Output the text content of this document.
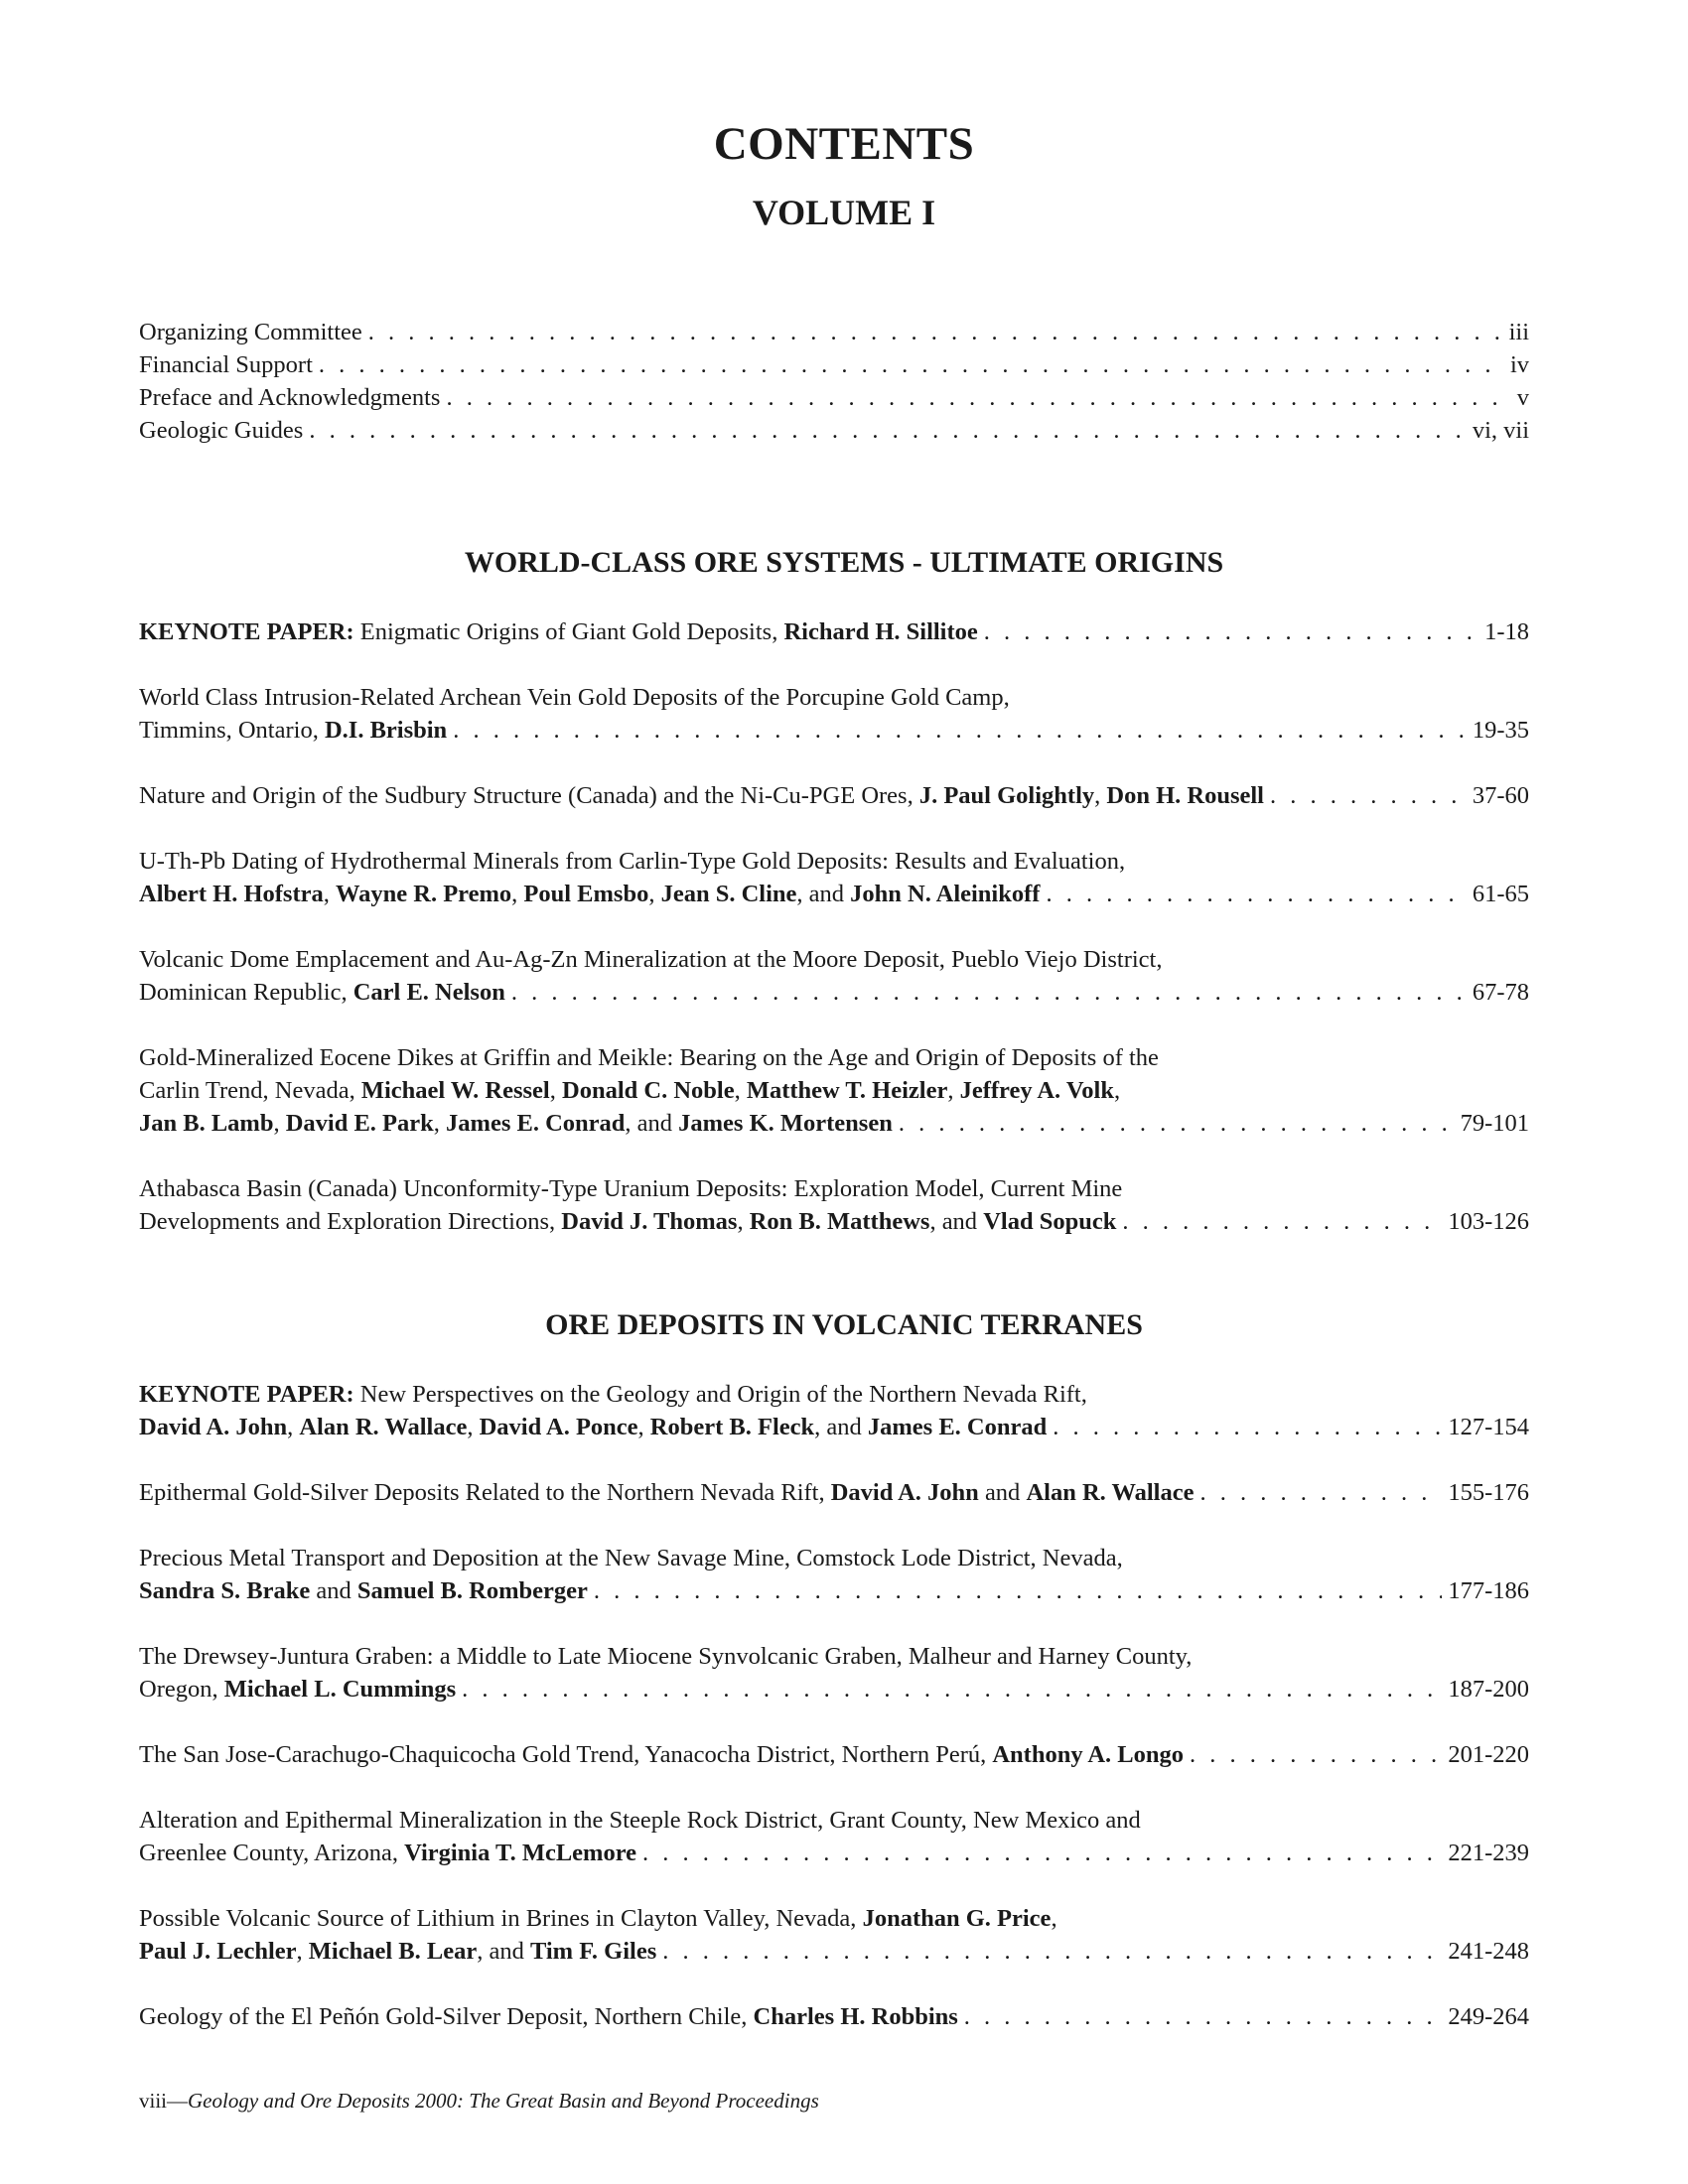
CONTENTS
VOLUME I
Organizing Committee . . .	iii
Financial Support . . .	iv
Preface and Acknowledgments . . .	v
Geologic Guides . . .	vi, vii
WORLD-CLASS ORE SYSTEMS - ULTIMATE ORIGINS
KEYNOTE PAPER: Enigmatic Origins of Giant Gold Deposits, Richard H. Sillitoe . . .	1-18
World Class Intrusion-Related Archean Vein Gold Deposits of the Porcupine Gold Camp,
Timmins, Ontario, D.I. Brisbin . . .	19-35
Nature and Origin of the Sudbury Structure (Canada) and the Ni-Cu-PGE Ores, J. Paul Golightly, Don H. Rousell . . .	37-60
U-Th-Pb Dating of Hydrothermal Minerals from Carlin-Type Gold Deposits: Results and Evaluation,
Albert H. Hofstra, Wayne R. Premo, Poul Emsbo, Jean S. Cline, and John N. Aleinikoff . . .	61-65
Volcanic Dome Emplacement and Au-Ag-Zn Mineralization at the Moore Deposit, Pueblo Viejo District,
Dominican Republic, Carl E. Nelson . . .	67-78
Gold-Mineralized Eocene Dikes at Griffin and Meikle: Bearing on the Age and Origin of Deposits of the
Carlin Trend, Nevada, Michael W. Ressel, Donald C. Noble, Matthew T. Heizler, Jeffrey A. Volk,
Jan B. Lamb, David E. Park, James E. Conrad, and James K. Mortensen . . .	79-101
Athabasca Basin (Canada) Unconformity-Type Uranium Deposits: Exploration Model, Current Mine
Developments and Exploration Directions, David J. Thomas, Ron B. Matthews, and Vlad Sopuck . . .	103-126
ORE DEPOSITS IN VOLCANIC TERRANES
KEYNOTE PAPER: New Perspectives on the Geology and Origin of the Northern Nevada Rift,
David A. John, Alan R. Wallace, David A. Ponce, Robert B. Fleck, and James E. Conrad . . .	127-154
Epithermal Gold-Silver Deposits Related to the Northern Nevada Rift, David A. John and Alan R. Wallace . . .	155-176
Precious Metal Transport and Deposition at the New Savage Mine, Comstock Lode District, Nevada,
Sandra S. Brake and Samuel B. Romberger . . .	177-186
The Drewsey-Juntura Graben: a Middle to Late Miocene Synvolcanic Graben, Malheur and Harney County,
Oregon, Michael L. Cummings . . .	187-200
The San Jose-Carachugo-Chaquicocha Gold Trend, Yanacocha District, Northern Perú, Anthony A. Longo . . .	201-220
Alteration and Epithermal Mineralization in the Steeple Rock District, Grant County, New Mexico and
Greenlee County, Arizona, Virginia T. McLemore . . .	221-239
Possible Volcanic Source of Lithium in Brines in Clayton Valley, Nevada, Jonathan G. Price,
Paul J. Lechler, Michael B. Lear, and Tim F. Giles . . .	241-248
Geology of the El Peñón Gold-Silver Deposit, Northern Chile, Charles H. Robbins . . .	249-264
viii—Geology and Ore Deposits 2000: The Great Basin and Beyond Proceedings
